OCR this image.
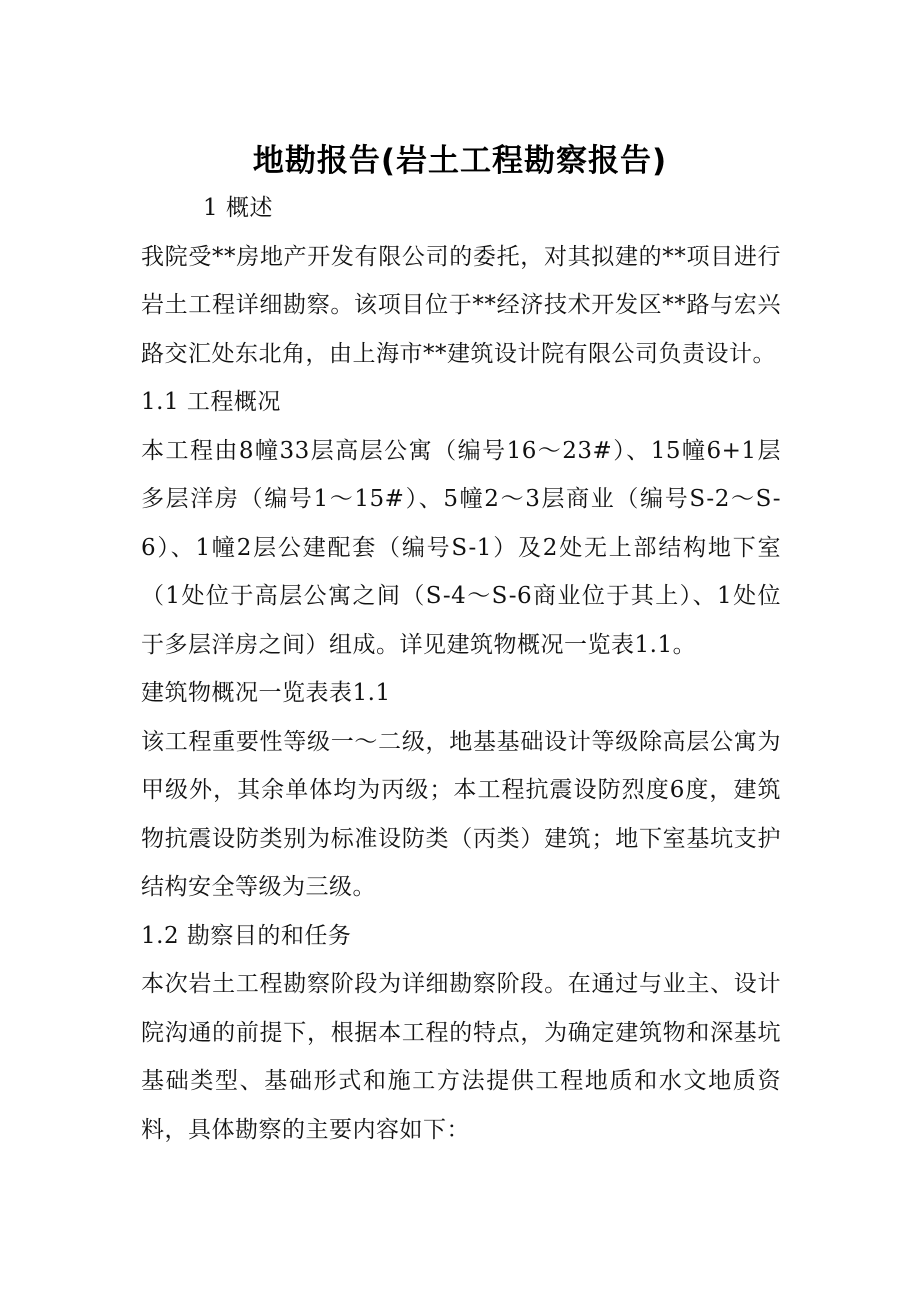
地勘报告(岩土工程勘察报告)

1 概述

我院受**房地产开发有限公司的委托，对其拟建的**项目进行岩土工程详细勘察。该项目位于**经济技术开发区**路与宏兴路交汇处东北角，由上海市**建筑设计院有限公司负责设计。

1.1 工程概况

本工程由8幢33层高层公寓（编号16～23#）、15幢6+1层多层洋房（编号1～15#）、5幢2～3层商业（编号S-2～S-6）、1幢2层公建配套（编号S-1）及2处无上部结构地下室（1处位于高层公寓之间（S-4～S-6商业位于其上）、1处位于多层洋房之间）组成。详见建筑物概况一览表1.1。

建筑物概况一览表表1.1

该工程重要性等级一～二级，地基基础设计等级除高层公寓为甲级外，其余单体均为丙级；本工程抗震设防烈度6度，建筑物抗震设防类别为标准设防类（丙类）建筑；地下室基坑支护结构安全等级为三级。

1.2 勘察目的和任务

本次岩土工程勘察阶段为详细勘察阶段。在通过与业主、设计院沟通的前提下，根据本工程的特点，为确定建筑物和深基坑基础类型、基础形式和施工方法提供工程地质和水文地质资料，具体勘察的主要内容如下：
